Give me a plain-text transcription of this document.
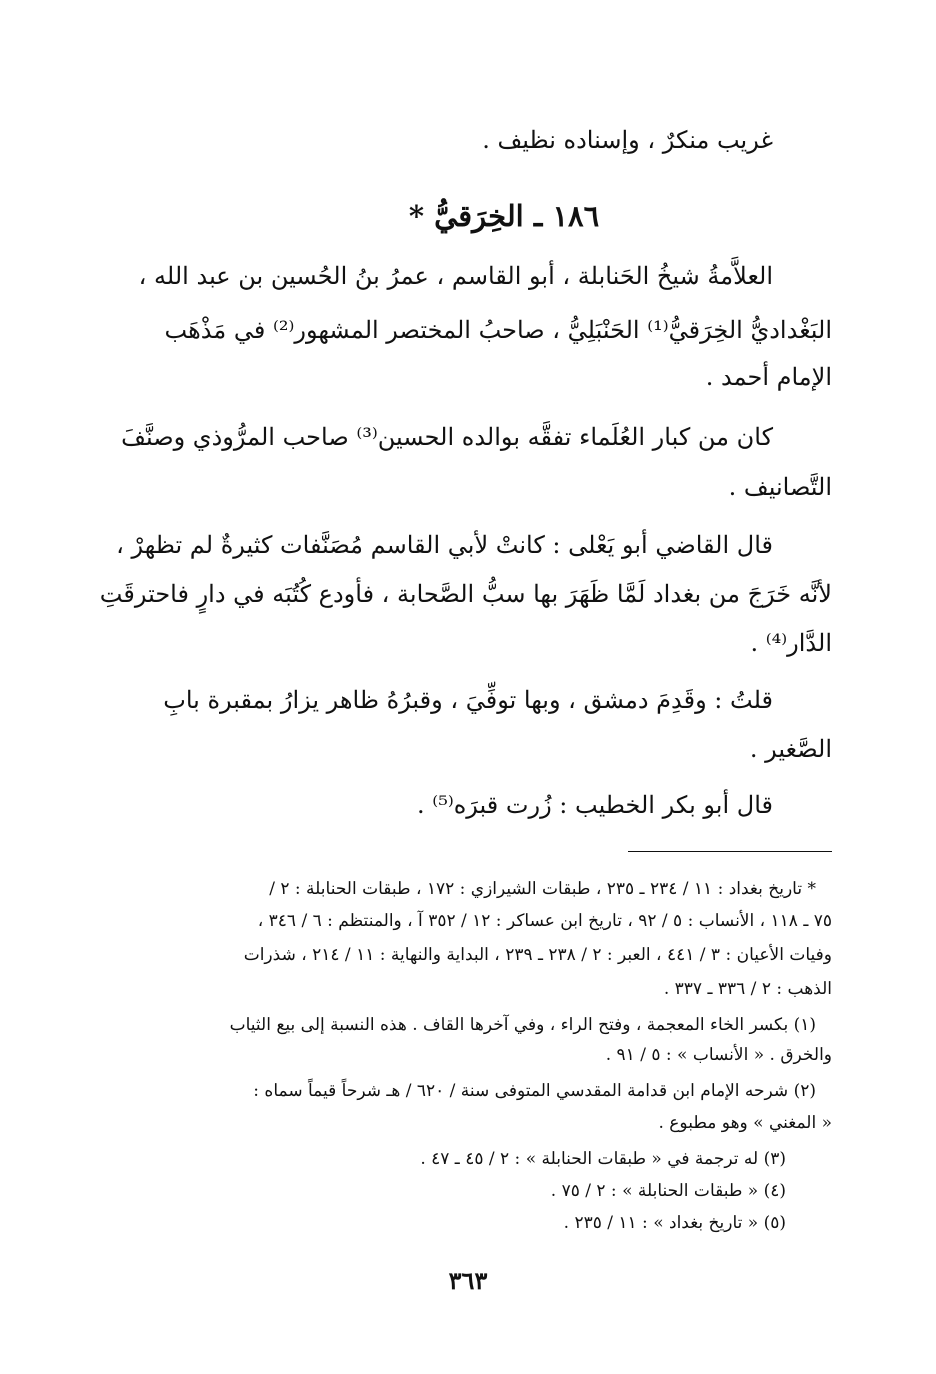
غريب منكرٌ ، وإسناده نظيف .
١٨٦ ـ الخِرَقيُّ *
العلاَّمةُ شيخُ الحَنابلة ، أبو القاسم ، عمرُ بنُ الحُسين بن عبد الله ،
البَغْداديُّ الخِرَقيُّ⁽¹⁾ الحَنْبَلِيُّ ، صاحبُ المختصر المشهور⁽²⁾ في مَذْهَب
الإمام أحمد .
كان من كبار العُلَماء تفقَّه بوالده الحسين⁽³⁾ صاحب المرُّوذي وصنَّفَ
التَّصانيف .
قال القاضي أبو يَعْلى : كانتْ لأبي القاسم مُصَنَّفات كثيرةٌ لم تظهرْ ،
لأنَّه خَرَجَ من بغداد لَمَّا ظَهَرَ بها سبُّ الصَّحابة ، فأودع كُتُبَه في دارٍ فاحترقَتِ
الدَّار⁽⁴⁾ .
قلتُ : وقَدِمَ دمشق ، وبها توفِّيَ ، وقبرُهُ ظاهر يزارُ بمقبرة بابِ
الصَّغير .
قال أبو بكر الخطيب : زُرت قبرَه⁽⁵⁾ .
* تاريخ بغداد : ١١ / ٢٣٤ ـ ٢٣٥ ، طبقات الشيرازي : ١٧٢ ، طبقات الحنابلة : ٢ /
٧٥ ـ ١١٨ ، الأنساب : ٥ / ٩٢ ، تاريخ ابن عساكر : ١٢ / ٣٥٢ آ ، والمنتظم : ٦ / ٣٤٦ ،
وفيات الأعيان : ٣ / ٤٤١ ، العبر : ٢ / ٢٣٨ ـ ٢٣٩ ، البداية والنهاية : ١١ / ٢١٤ ، شذرات
الذهب : ٢ / ٣٣٦ ـ ٣٣٧ .
(١) بكسر الخاء المعجمة ، وفتح الراء ، وفي آخرها القاف . هذه النسبة إلى بيع الثياب
والخرق . « الأنساب » : ٥ / ٩١ .
(٢) شرحه الإمام ابن قدامة المقدسي المتوفى سنة / ٦٢٠ / هـ شرحاً قيماً سماه :
« المغني » وهو مطبوع .
(٣) له ترجمة في « طبقات الحنابلة » : ٢ / ٤٥ ـ ٤٧ .
(٤) « طبقات الحنابلة » : ٢ / ٧٥ .
(٥) « تاريخ بغداد » : ١١ / ٢٣٥ .
٣٦٣
